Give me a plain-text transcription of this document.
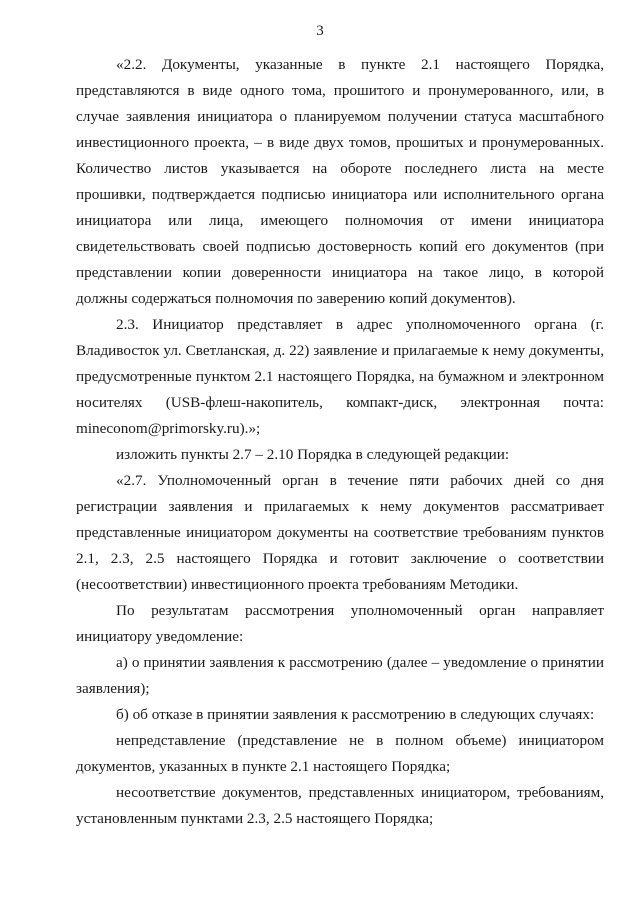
3

«2.2. Документы, указанные в пункте 2.1 настоящего Порядка, представляются в виде одного тома, прошитого и пронумерованного, или, в случае заявления инициатора о планируемом получении статуса масштабного инвестиционного проекта, – в виде двух томов, прошитых и пронумерованных. Количество листов указывается на обороте последнего листа на месте прошивки, подтверждается подписью инициатора или исполнительного органа инициатора или лица, имеющего полномочия от имени инициатора свидетельствовать своей подписью достоверность копий его документов (при представлении копии доверенности инициатора на такое лицо, в которой должны содержаться полномочия по заверению копий документов).

2.3. Инициатор представляет в адрес уполномоченного органа (г. Владивосток ул. Светланская, д. 22) заявление и прилагаемые к нему документы, предусмотренные пунктом 2.1 настоящего Порядка, на бумажном и электронном носителях (USB-флеш-накопитель, компакт-диск, электронная почта: mineconom@primorsky.ru).»;

изложить пункты 2.7 – 2.10 Порядка в следующей редакции:

«2.7. Уполномоченный орган в течение пяти рабочих дней со дня регистрации заявления и прилагаемых к нему документов рассматривает представленные инициатором документы на соответствие требованиям пунктов 2.1, 2.3, 2.5 настоящего Порядка и готовит заключение о соответствии (несоответствии) инвестиционного проекта требованиям Методики.

По результатам рассмотрения уполномоченный орган направляет инициатору уведомление:

а) о принятии заявления к рассмотрению (далее – уведомление о принятии заявления);

б) об отказе в принятии заявления к рассмотрению в следующих случаях:

непредставление (представление не в полном объеме) инициатором документов, указанных в пункте 2.1 настоящего Порядка;

несоответствие документов, представленных инициатором, требованиям, установленным пунктами 2.3, 2.5 настоящего Порядка;
